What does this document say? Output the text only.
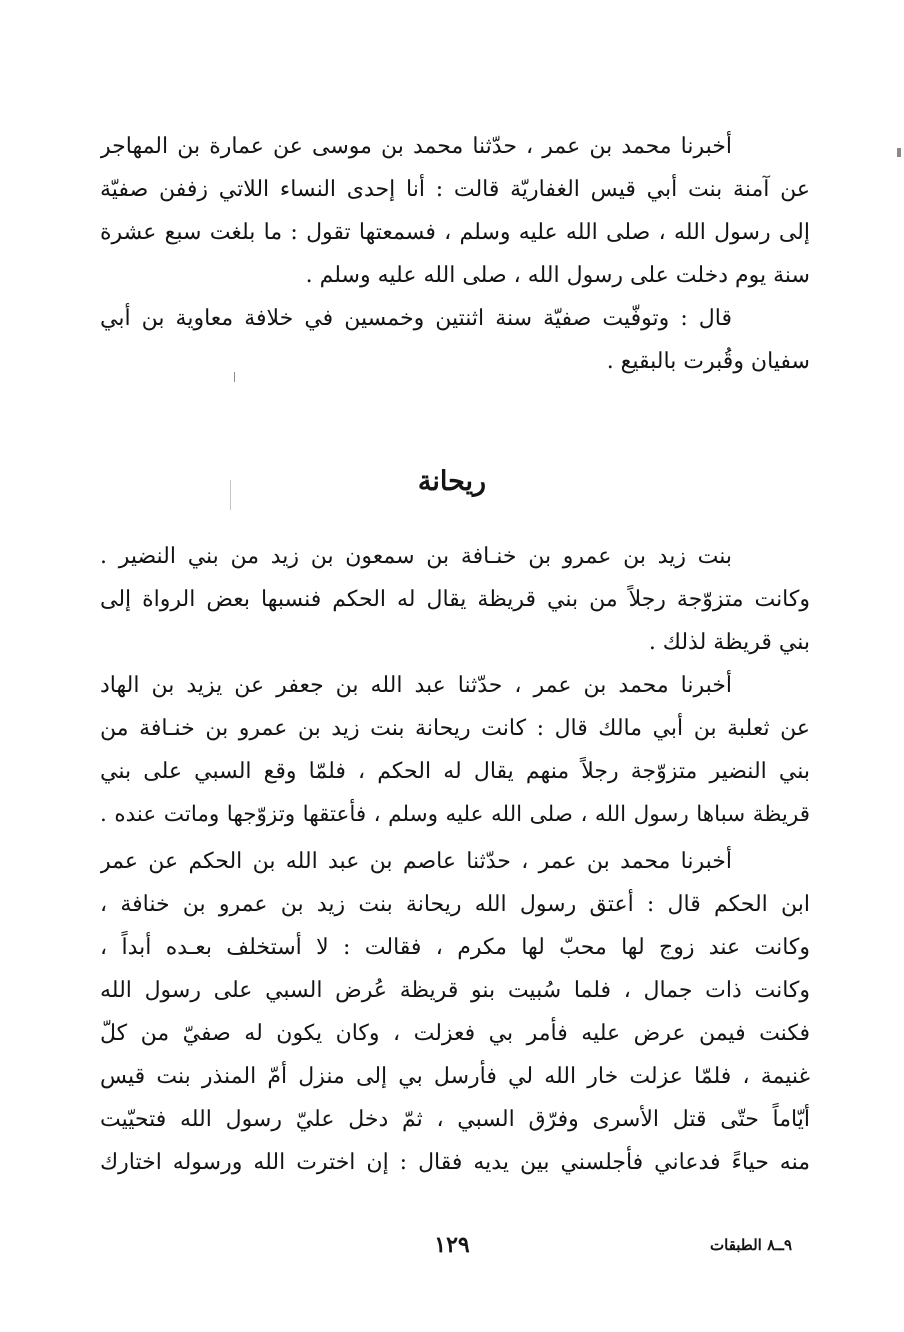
أخبرنا محمد بن عمر ، حدّثنا محمد بن موسى عن عمارة بن المهاجر
عن آمنة بنت أبي قيس الغفاريّة قالت : أنا إحدى النساء اللاتي زففن صفيّة
إلى رسول الله ، صلى الله عليه وسلم ، فسمعتها تقول : ما بلغت سبع عشرة
سنة يوم دخلت على رسول الله ، صلى الله عليه وسلم .
قال : وتوفّيت صفيّة سنة اثنتين وخمسين في خلافة معاوية بن أبي
سفيان وقُبرت بالبقيع .
ريحانة
بنت زيد بن عمرو بن خنـافة بن سمعون بن زيد من بني النضير .
وكانت متزوّجة رجلاً من بني قريظة يقال له الحكم فنسبها بعض الرواة إلى
بني قريظة لذلك .
أخبرنا محمد بن عمر ، حدّثنا عبد الله بن جعفر عن يزيد بن الهاد
عن ثعلبة بن أبي مالك قال : كانت ريحانة بنت زيد بن عمرو بن خنـافة من
بني النضير متزوّجة رجلاً منهم يقال له الحكم ، فلمّا وقع السبي على بني
قريظة سباها رسول الله ، صلى الله عليه وسلم ، فأعتقها وتزوّجها وماتت عنده .
أخبرنا محمد بن عمر ، حدّثنا عاصم بن عبد الله بن الحكم عن عمر
ابن الحكم قال : أعتق رسول الله ريحانة بنت زيد بن عمرو بن خنافة ،
وكانت عند زوج لها محبّ لها مكرم ، فقالت : لا أستخلف بعـده أبداً ،
وكانت ذات جمال ، فلما سُبيت بنو قريظة عُرض السبي على رسول الله
فكنت فيمن عرض عليه فأمر بي فعزلت ، وكان يكون له صفيّ من كلّ
غنيمة ، فلمّا عزلت خار الله لي فأرسل بي إلى منزل أمّ المنذر بنت قيس
أيّاماً حتّى قتل الأسرى وفرّق السبي ، ثمّ دخل عليّ رسول الله فتحيّيت
منه حياءً فدعاني فأجلسني بين يديه فقال : إن اخترت الله ورسوله اختارك
١٢٩	٩ــ٨ الطبقات
